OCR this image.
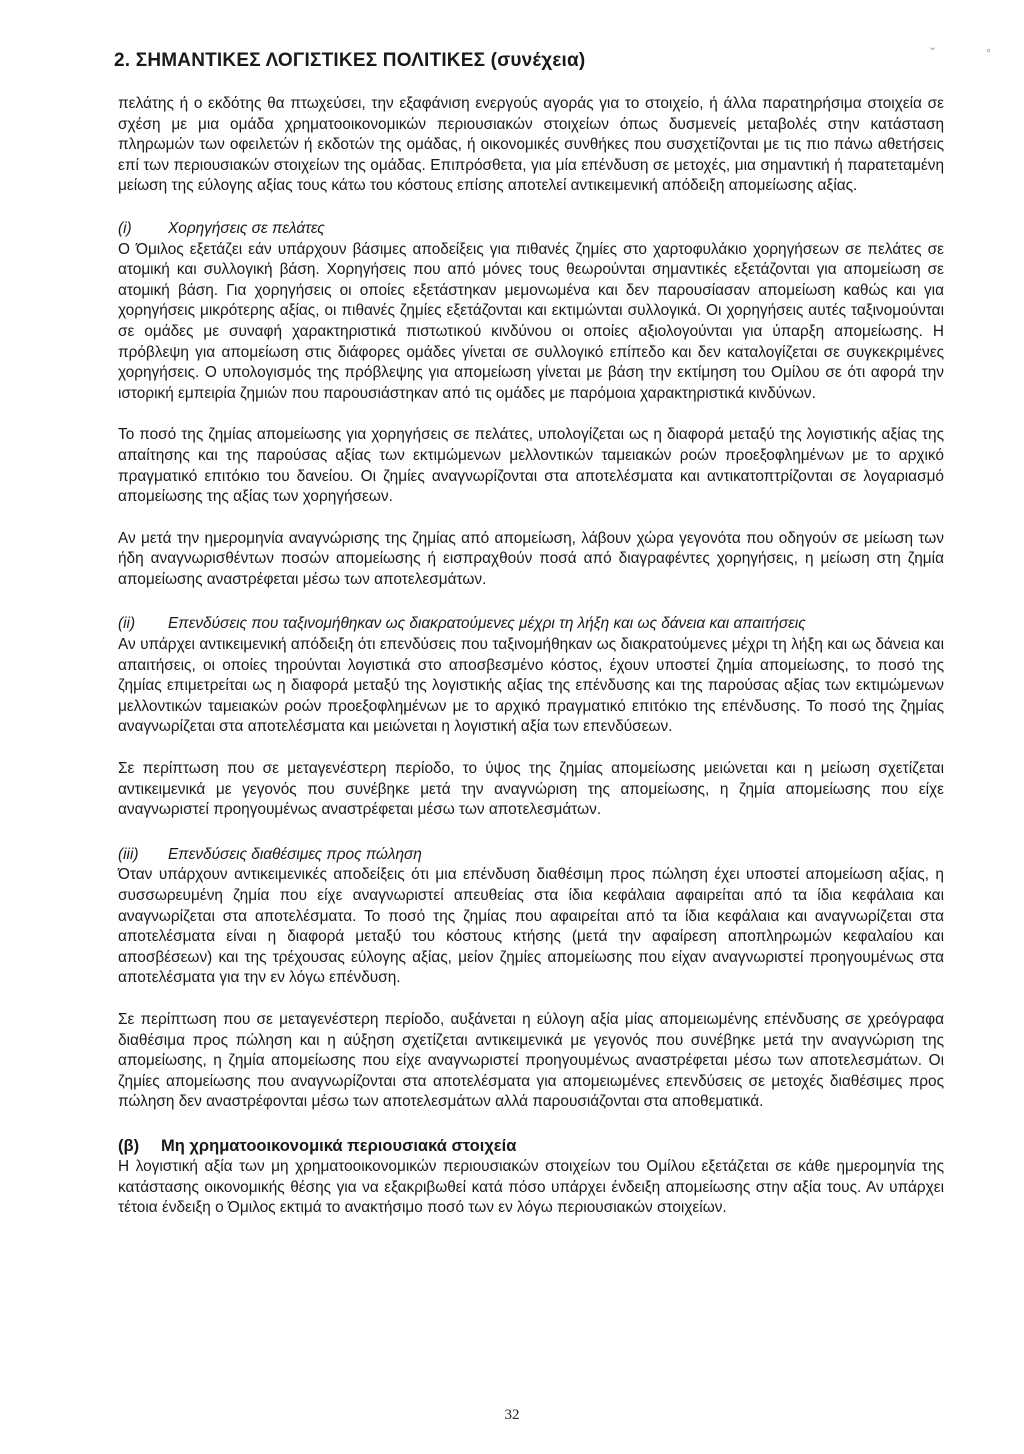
⌄	∘
2. ΣΗΜΑΝΤΙΚΕΣ ΛΟΓΙΣΤΙΚΕΣ ΠΟΛΙΤΙΚΕΣ (συνέχεια)

πελάτης ή ο εκδότης θα πτωχεύσει, την εξαφάνιση ενεργούς αγοράς για το στοιχείο, ή άλλα παρατηρήσιμα στοιχεία σε σχέση με μια ομάδα χρηματοοικονομικών περιουσιακών στοιχείων όπως δυσμενείς μεταβολές στην κατάσταση πληρωμών των οφειλετών ή εκδοτών της ομάδας, ή οικονομικές συνθήκες που συσχετίζονται με τις πιο πάνω αθετήσεις επί των περιουσιακών στοιχείων της ομάδας. Επιπρόσθετα, για μία επένδυση σε μετοχές, μια σημαντική ή παρατεταμένη μείωση της εύλογης αξίας τους κάτω του κόστους επίσης αποτελεί αντικειμενική απόδειξη απομείωσης αξίας.

(i) Χορηγήσεις σε πελάτες

Ο Όμιλος εξετάζει εάν υπάρχουν βάσιμες αποδείξεις για πιθανές ζημίες στο χαρτοφυλάκιο χορηγήσεων σε πελάτες σε ατομική και συλλογική βάση. Χορηγήσεις που από μόνες τους θεωρούνται σημαντικές εξετάζονται για απομείωση σε ατομική βάση. Για χορηγήσεις οι οποίες εξετάστηκαν μεμονωμένα και δεν παρουσίασαν απομείωση καθώς και για χορηγήσεις μικρότερης αξίας, οι πιθανές ζημίες εξετάζονται και εκτιμώνται συλλογικά. Οι χορηγήσεις αυτές ταξινομούνται σε ομάδες με συναφή χαρακτηριστικά πιστωτικού κινδύνου οι οποίες αξιολογούνται για ύπαρξη απομείωσης. Η πρόβλεψη για απομείωση στις διάφορες ομάδες γίνεται σε συλλογικό επίπεδο και δεν καταλογίζεται σε συγκεκριμένες χορηγήσεις. Ο υπολογισμός της πρόβλεψης για απομείωση γίνεται με βάση την εκτίμηση του Ομίλου σε ότι αφορά την ιστορική εμπειρία ζημιών που παρουσιάστηκαν από τις ομάδες με παρόμοια χαρακτηριστικά κινδύνων.

Το ποσό της ζημίας απομείωσης για χορηγήσεις σε πελάτες, υπολογίζεται ως η διαφορά μεταξύ της λογιστικής αξίας της απαίτησης και της παρούσας αξίας των εκτιμώμενων μελλοντικών ταμειακών ροών προεξοφλημένων με το αρχικό πραγματικό επιτόκιο του δανείου. Οι ζημίες αναγνωρίζονται στα αποτελέσματα και αντικατοπτρίζονται σε λογαριασμό απομείωσης της αξίας των χορηγήσεων.

Αν μετά την ημερομηνία αναγνώρισης της ζημίας από απομείωση, λάβουν χώρα γεγονότα που οδηγούν σε μείωση των ήδη αναγνωρισθέντων ποσών απομείωσης ή εισπραχθούν ποσά από διαγραφέντες χορηγήσεις, η μείωση στη ζημία απομείωσης αναστρέφεται μέσω των αποτελεσμάτων.

(ii) Επενδύσεις που ταξινομήθηκαν ως διακρατούμενες μέχρι τη λήξη και ως δάνεια και απαιτήσεις

Αν υπάρχει αντικειμενική απόδειξη ότι επενδύσεις που ταξινομήθηκαν ως διακρατούμενες μέχρι τη λήξη και ως δάνεια και απαιτήσεις, οι οποίες τηρούνται λογιστικά στο αποσβεσμένο κόστος, έχουν υποστεί ζημία απομείωσης, το ποσό της ζημίας επιμετρείται ως η διαφορά μεταξύ της λογιστικής αξίας της επένδυσης και της παρούσας αξίας των εκτιμώμενων μελλοντικών ταμειακών ροών προεξοφλημένων με το αρχικό πραγματικό επιτόκιο της επένδυσης. Το ποσό της ζημίας αναγνωρίζεται στα αποτελέσματα και μειώνεται η λογιστική αξία των επενδύσεων.

Σε περίπτωση που σε μεταγενέστερη περίοδο, το ύψος της ζημίας απομείωσης μειώνεται και η μείωση σχετίζεται αντικειμενικά με γεγονός που συνέβηκε μετά την αναγνώριση της απομείωσης, η ζημία απομείωσης που είχε αναγνωριστεί προηγουμένως αναστρέφεται μέσω των αποτελεσμάτων.

(iii) Επενδύσεις διαθέσιμες προς πώληση

Όταν υπάρχουν αντικειμενικές αποδείξεις ότι μια επένδυση διαθέσιμη προς πώληση έχει υποστεί απομείωση αξίας, η συσσωρευμένη ζημία που είχε αναγνωριστεί απευθείας στα ίδια κεφάλαια αφαιρείται από τα ίδια κεφάλαια και αναγνωρίζεται στα αποτελέσματα. Το ποσό της ζημίας που αφαιρείται από τα ίδια κεφάλαια και αναγνωρίζεται στα αποτελέσματα είναι η διαφορά μεταξύ του κόστους κτήσης (μετά την αφαίρεση αποπληρωμών κεφαλαίου και αποσβέσεων) και της τρέχουσας εύλογης αξίας, μείον ζημίες απομείωσης που είχαν αναγνωριστεί προηγουμένως στα αποτελέσματα για την εν λόγω επένδυση.

Σε περίπτωση που σε μεταγενέστερη περίοδο, αυξάνεται η εύλογη αξία μίας απομειωμένης επένδυσης σε χρεόγραφα διαθέσιμα προς πώληση και η αύξηση σχετίζεται αντικειμενικά με γεγονός που συνέβηκε μετά την αναγνώριση της απομείωσης, η ζημία απομείωσης που είχε αναγνωριστεί προηγουμένως αναστρέφεται μέσω των αποτελεσμάτων. Οι ζημίες απομείωσης που αναγνωρίζονται στα αποτελέσματα για απομειωμένες επενδύσεις σε μετοχές διαθέσιμες προς πώληση δεν αναστρέφονται μέσω των αποτελεσμάτων αλλά παρουσιάζονται στα αποθεματικά.

(β) Μη χρηματοοικονομικά περιουσιακά στοιχεία

Η λογιστική αξία των μη χρηματοοικονομικών περιουσιακών στοιχείων του Ομίλου εξετάζεται σε κάθε ημερομηνία της κατάστασης οικονομικής θέσης για να εξακριβωθεί κατά πόσο υπάρχει ένδειξη απομείωσης στην αξία τους. Αν υπάρχει τέτοια ένδειξη ο Όμιλος εκτιμά το ανακτήσιμο ποσό των εν λόγω περιουσιακών στοιχείων.

32
